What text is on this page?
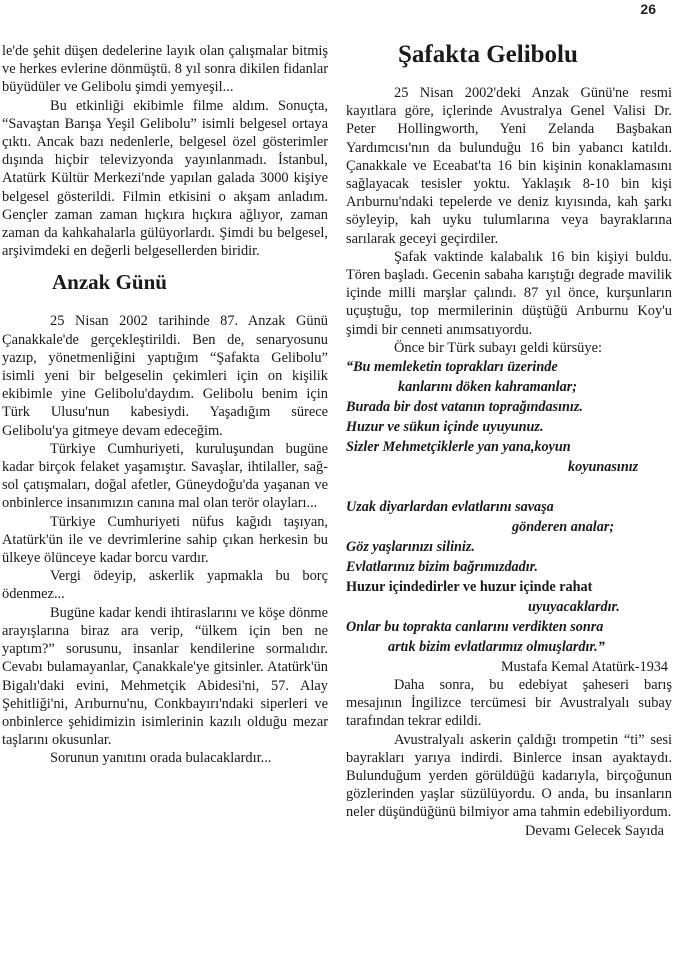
26

le'de şehit düşen dedelerine layık olan çalışmalar bitmiş ve herkes evlerine dönmüştü. 8 yıl sonra dikilen fidanlar büyüdüler ve Gelibolu şimdi yemyeşil...

Bu etkinliği ekibimle filme aldım. Sonuçta, “Savaştan Barışa Yeşil Gelibolu” isimli belgesel ortaya çıktı. Ancak bazı nedenlerle, belgesel özel gösterimler dışında hiçbir televizyonda yayınlanmadı. İstanbul, Atatürk Kültür Merkezi'nde yapılan galada 3000 kişiye belgesel gösterildi. Filmin etkisini o akşam anladım. Gençler zaman zaman hıçkıra hıçkıra ağlıyor, zaman zaman da kahkahalarla gülüyorlardı. Şimdi bu belgesel, arşivimdeki en değerli belgesellerden biridir.

Anzak Günü

25 Nisan 2002 tarihinde 87. Anzak Günü Çanakkale'de gerçekleştirildi. Ben de, senaryosunu yazıp, yönetmenliğini yaptığım “Şafakta Gelibolu” isimli yeni bir belgeselin çekimleri için on kişilik ekibimle yine Gelibolu'daydım. Gelibolu benim için Türk Ulusu'nun kabesiydi. Yaşadığım sürece Gelibolu'ya gitmeye devam edeceğim.

Türkiye Cumhuriyeti, kuruluşundan bugüne kadar birçok felaket yaşamıştır. Savaşlar, ihtilaller, sağ-sol çatışmaları, doğal afetler, Güneydoğu'da yaşanan ve onbinlerce insanımızın canına mal olan terör olayları...

Türkiye Cumhuriyeti nüfus kağıdı taşıyan, Atatürk'ün ile ve devrimlerine sahip çıkan herkesin bu ülkeye ölünceye kadar borcu vardır.

Vergi ödeyip, askerlik yapmakla bu borç ödenmez...

Bugüne kadar kendi ihtiraslarını ve köşe dönme arayışlarına biraz ara verip, “ülkem için ben ne yaptım?” sorusunu, insanlar kendilerine sormalıdır. Cevabı bulamayanlar, Çanakkale'ye gitsinler. Atatürk'ün Bigalı'daki evini, Mehmetçik Abidesi'ni, 57. Alay Şehitliği'ni, Arıburnu'nu, Conkbayırı'ndaki siperleri ve onbinlerce şehidimizin isimlerinin kazılı olduğu mezar taşlarını okusunlar.

Sorunun yanıtını orada bulacaklardır...

Şafakta Gelibolu

25 Nisan 2002'deki Anzak Günü'ne resmi kayıtlara göre, içlerinde Avustralya Genel Valisi Dr. Peter Hollingworth, Yeni Zelanda Başbakan Yardımcısı'nın da bulunduğu 16 bin yabancı katıldı. Çanakkale ve Eceabat'ta 16 bin kişinin konaklamasını sağlayacak tesisler yoktu. Yaklaşık 8-10 bin kişi Arıburnu'ndaki tepelerde ve deniz kıyısında, kah şarkı söyleyip, kah uyku tulumlarına veya bayraklarına sarılarak geceyi geçirdiler.

Şafak vaktinde kalabalık 16 bin kişiyi buldu. Tören başladı. Gecenin sabaha karıştığı degrade mavilik içinde milli marşlar çalındı. 87 yıl önce, kurşunların uçuştuğu, top mermilerinin düştüğü Arıburnu Koy'u şimdi bir cenneti anımsatıyordu.

Önce bir Türk subayı geldi kürsüye:

“Bu memleketin toprakları üzerinde
kanlarını döken kahramanlar;
Burada bir dost vatanın toprağındasınız.
Huzur ve sükun içinde uyuyunuz.
Sizler Mehmetçiklerle yan yana,koyun
koyunasınız
Uzak diyarlardan evlatlarını savaşa
gönderen analar;
Göz yaşlarınızı siliniz.
Evlatlarınız bizim bağrımızdadır.
Huzur içindedirler ve huzur içinde rahat
uyuyacaklardır.
Onlar bu toprakta canlarını verdikten sonra
artık bizim evlatlarımız olmuşlardır.”
Mustafa Kemal Atatürk-1934

Daha sonra, bu edebiyat şaheseri barış mesajının İngilizce tercümesi bir Avustralyalı subay tarafından tekrar edildi.

Avustralyalı askerin çaldığı trompetin “ti” sesi bayrakları yarıya indirdi. Binlerce insan ayaktaydı. Bulunduğum yerden görüldüğü kadarıyla, birçoğunun gözlerinden yaşlar süzülüyordu. O anda, bu insanların neler düşündüğünü bilmiyor ama tahmin edebiliyordum.

Devamı Gelecek Sayıda
